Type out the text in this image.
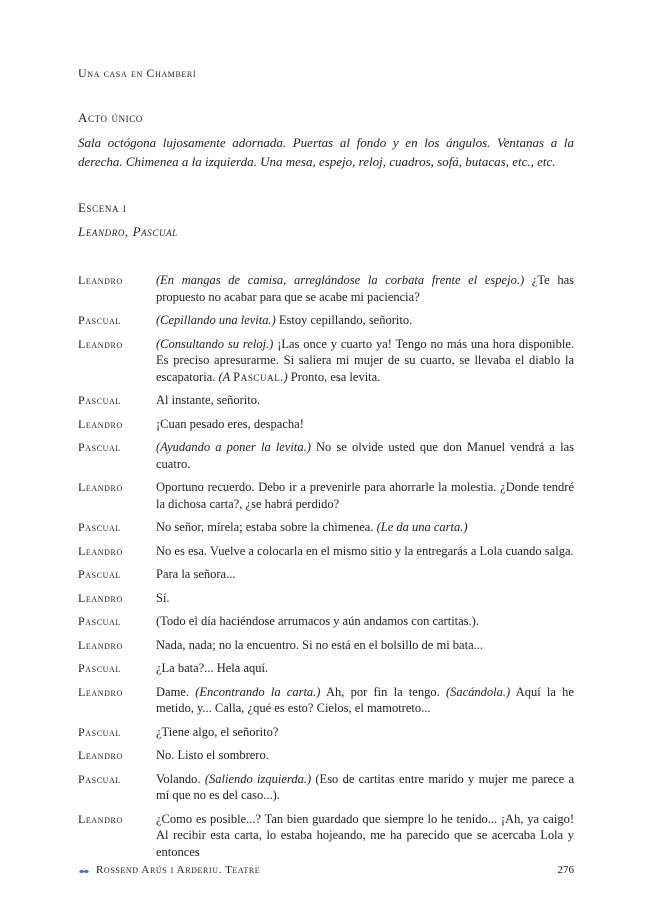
Una casa en Chamberí
Acto único
Sala octógona lujosamente adornada. Puertas al fondo y en los ángulos. Ventanas a la derecha. Chimenea a la izquierda. Una mesa, espejo, reloj, cuadros, sofá, butacas, etc., etc.
Escena i
Leandro, Pascual
Leandro	(En mangas de camisa, arreglándose la corbata frente el espejo.) ¿Te has propuesto no acabar para que se acabe mi paciencia?
Pascual	(Cepillando una levita.) Estoy cepillando, señorito.
Leandro	(Consultando su reloj.) ¡Las once y cuarto ya! Tengo no más una hora disponible. Es preciso apresurarme. Si saliera mi mujer de su cuarto, se llevaba el diablo la escapatoria. (A Pascual.) Pronto, esa levita.
Pascual	Al instante, señorito.
Leandro	¡Cuan pesado eres, despacha!
Pascual	(Ayudando a poner la levita.) No se olvide usted que don Manuel vendrá a las cuatro.
Leandro	Oportuno recuerdo. Debo ir a prevenirle para ahorrarle la molestia. ¿Donde tendré la dichosa carta?, ¿se habrá perdido?
Pascual	No señor, mírela; estaba sobre la chimenea. (Le da una carta.)
Leandro	No es esa. Vuelve a colocarla en el mismo sitio y la entregarás a Lola cuando salga.
Pascual	Para la señora...
Leandro	Sí.
Pascual	(Todo el día haciéndose arrumacos y aún andamos con cartitas.).
Leandro	Nada, nada; no la encuentro. Si no está en el bolsillo de mi bata...
Pascual	¿La bata?... Hela aquí.
Leandro	Dame. (Encontrando la carta.) Ah, por fin la tengo. (Sacándola.) Aquí la he metido, y... Calla, ¿qué es esto? Cielos, el mamotreto...
Pascual	¿Tiene algo, el señorito?
Leandro	No. Listo el sombrero.
Pascual	Volando. (Saliendo izquierda.) (Eso de cartitas entre marido y mujer me parece a mí que no es del caso...).
Leandro	¿Como es posible...? Tan bien guardado que siempre lo he tenido... ¡Ah, ya caigo! Al recibir esta carta, lo estaba hojeando, me ha parecido que se acercaba Lola y entonces
Rossend Arús i Arderiu. Teatre	276
